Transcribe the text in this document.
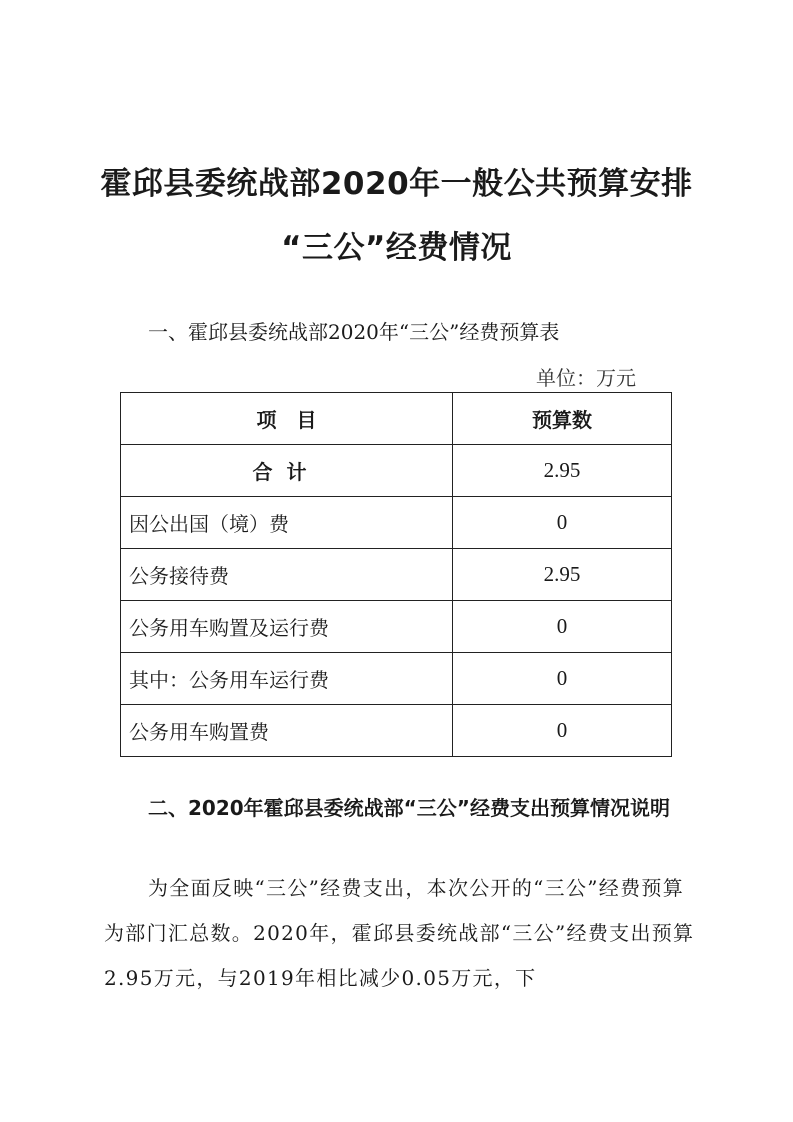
霍邱县委统战部2020年一般公共预算安排
“三公”经费情况
一、霍邱县委统战部2020年“三公”经费预算表
单位：万元
项　目	预算数
合计	2.95
因公出国（境）费	0
公务接待费	2.95
公务用车购置及运行费	0
其中：公务用车运行费	0
公务用车购置费	0
二、2020年霍邱县委统战部“三公”经费支出预算情况说明
为全面反映“三公”经费支出，本次公开的“三公”经费预算为部门汇总数。2020年，霍邱县委统战部“三公”经费支出预算2.95万元，与2019年相比减少0.05万元，下
